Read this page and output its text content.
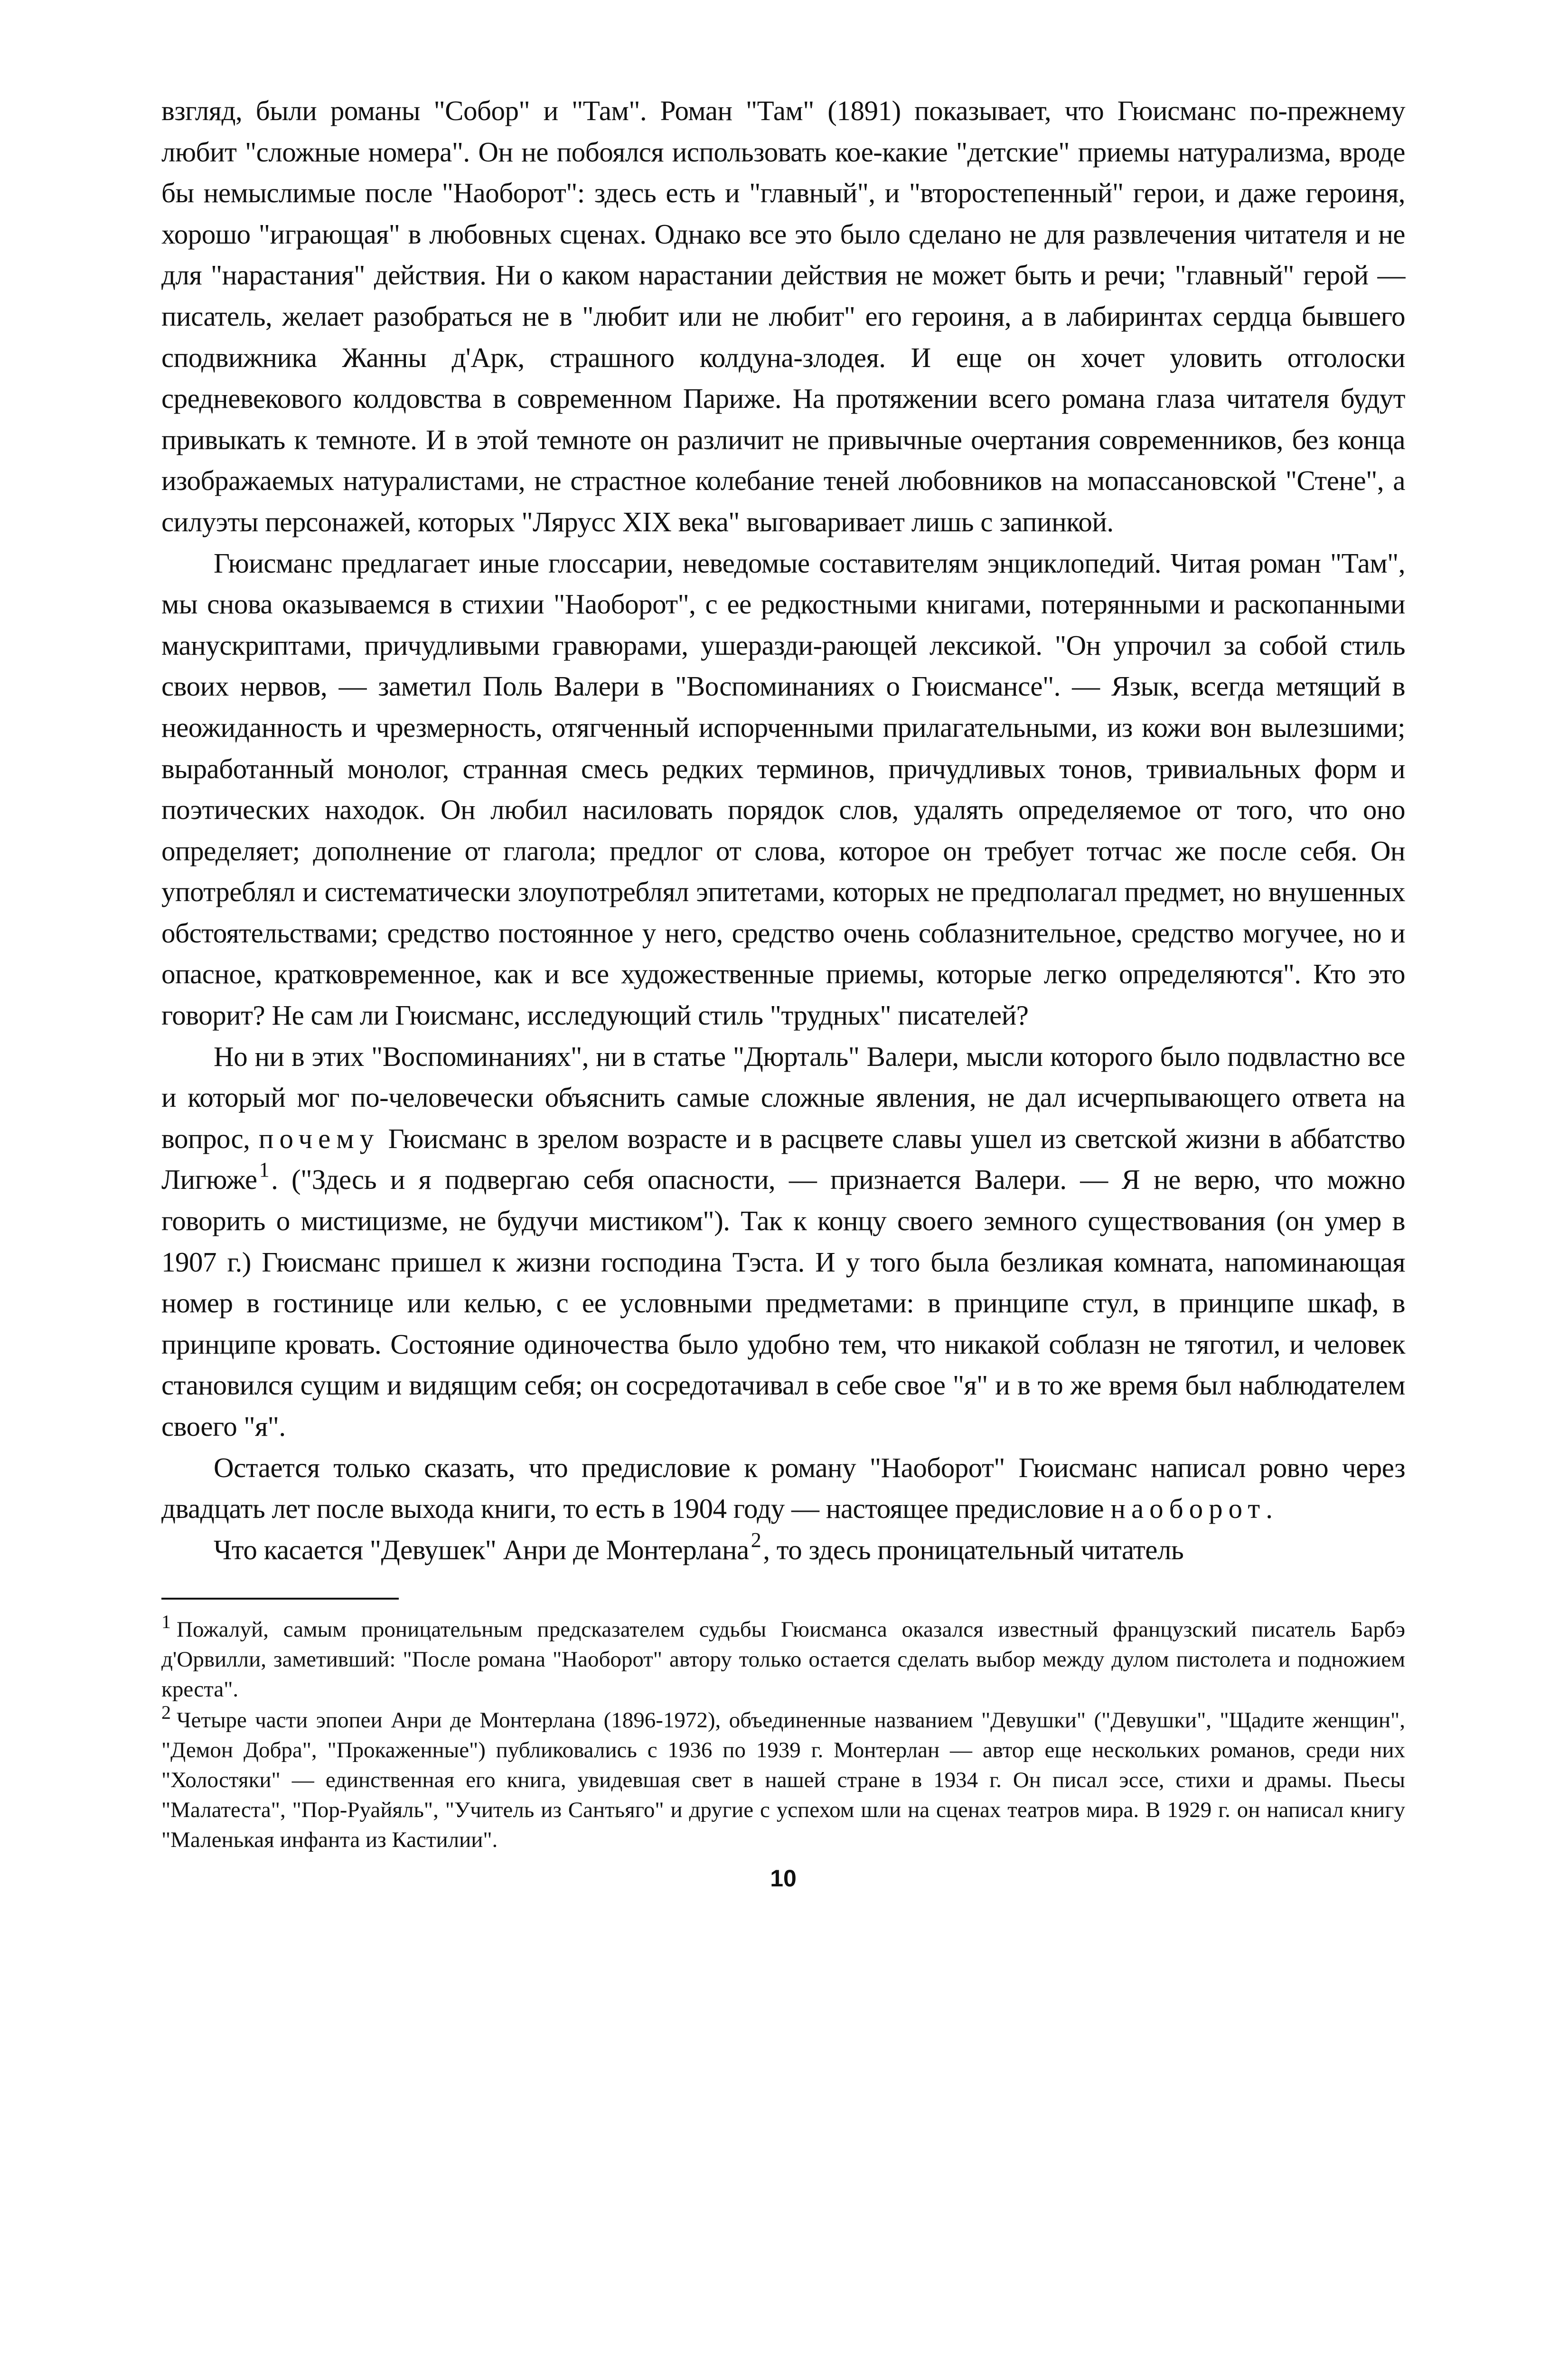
взгляд, были романы "Собор" и "Там". Роман "Там" (1891) показывает, что Гюисманс по-прежнему любит "сложные номера". Он не побоялся использовать кое-какие "детские" приемы натурализма, вроде бы немыслимые после "Наоборот": здесь есть и "главный", и "второстепенный" герои, и даже героиня, хорошо "играющая" в любовных сценах. Однако все это было сделано не для развлечения читателя и не для "нарастания" действия. Ни о каком нарастании действия не может быть и речи; "главный" герой — писатель, желает разобраться не в "любит или не любит" его героиня, а в лабиринтах сердца бывшего сподвижника Жанны д'Арк, страшного колдуна-злодея. И еще он хочет уловить отголоски средневекового колдовства в современном Париже. На протяжении всего романа глаза читателя будут привыкать к темноте. И в этой темноте он различит не привычные очертания современников, без конца изображаемых натуралистами, не страстное колебание теней любовников на мопассановской "Стене", а силуэты персонажей, которых "Лярусс XIX века" выговаривает лишь с запинкой.

Гюисманс предлагает иные глоссарии, неведомые составителям энциклопедий. Читая роман "Там", мы снова оказываемся в стихии "Наоборот", с ее редкостными книгами, потерянными и раскопанными манускриптами, причудливыми гравюрами, ушеразди-рающей лексикой. "Он упрочил за собой стиль своих нервов, — заметил Поль Валери в "Воспоминаниях о Гюисмансе". — Язык, всегда метящий в неожиданность и чрезмерность, отягченный испорченными прилагательными, из кожи вон вылезшими; выработанный монолог, странная смесь редких терминов, причудливых тонов, тривиальных форм и поэтических находок. Он любил насиловать порядок слов, удалять определяемое от того, что оно определяет; дополнение от глагола; предлог от слова, которое он требует тотчас же после себя. Он употреблял и систематически злоупотреблял эпитетами, которых не предполагал предмет, но внушенных обстоятельствами; средство постоянное у него, средство очень соблазнительное, средство могучее, но и опасное, кратковременное, как и все художественные приемы, которые легко определяются". Кто это говорит? Не сам ли Гюисманс, исследующий стиль "трудных" писателей?

Но ни в этих "Воспоминаниях", ни в статье "Дюрталь" Валери, мысли которого было подвластно все и который мог по-человечески объяснить самые сложные явления, не дал исчерпывающего ответа на вопрос, почему Гюисманс в зрелом возрасте и в расцвете славы ушел из светской жизни в аббатство Лигюже$^1$. ("Здесь и я подвергаю себя опасности, — признается Валери. — Я не верю, что можно говорить о мистицизме, не будучи мистиком"). Так к концу своего земного существования (он умер в 1907 г.) Гюисманс пришел к жизни господина Тэста. И у того была безликая комната, напоминающая номер в гостинице или келью, с ее условными предметами: в принципе стул, в принципе шкаф, в принципе кровать. Состояние одиночества было удобно тем, что никакой соблазн не тяготил, и человек становился сущим и видящим себя; он сосредотачивал в себе свое "я" и в то же время был наблюдателем своего "я".

Остается только сказать, что предисловие к роману "Наоборот" Гюисманс написал ровно через двадцать лет после выхода книги, то есть в 1904 году — настоящее предисловие наоборот.

Что касается "Девушек" Анри де Монтерлана$^2$, то здесь проницательный читатель

$^1$ Пожалуй, самым проницательным предсказателем судьбы Гюисманса оказался известный французский писатель Барбэ д'Орвилли, заметивший: "После романа "Наоборот" автору только остается сделать выбор между дулом пистолета и подножием креста".

$^2$ Четыре части эпопеи Анри де Монтерлана (1896-1972), объединенные названием "Девушки" ("Девушки", "Щадите женщин", "Демон Добра", "Прокаженные") публиковались с 1936 по 1939 г. Монтерлан — автор еще нескольких романов, среди них "Холостяки" — единственная его книга, увидевшая свет в нашей стране в 1934 г. Он писал эссе, стихи и драмы. Пьесы "Малатеста", "Пор-Руайяль", "Учитель из Сантьяго" и другие с успехом шли на сценах театров мира. В 1929 г. он написал книгу "Маленькая инфанта из Кастилии".

10
